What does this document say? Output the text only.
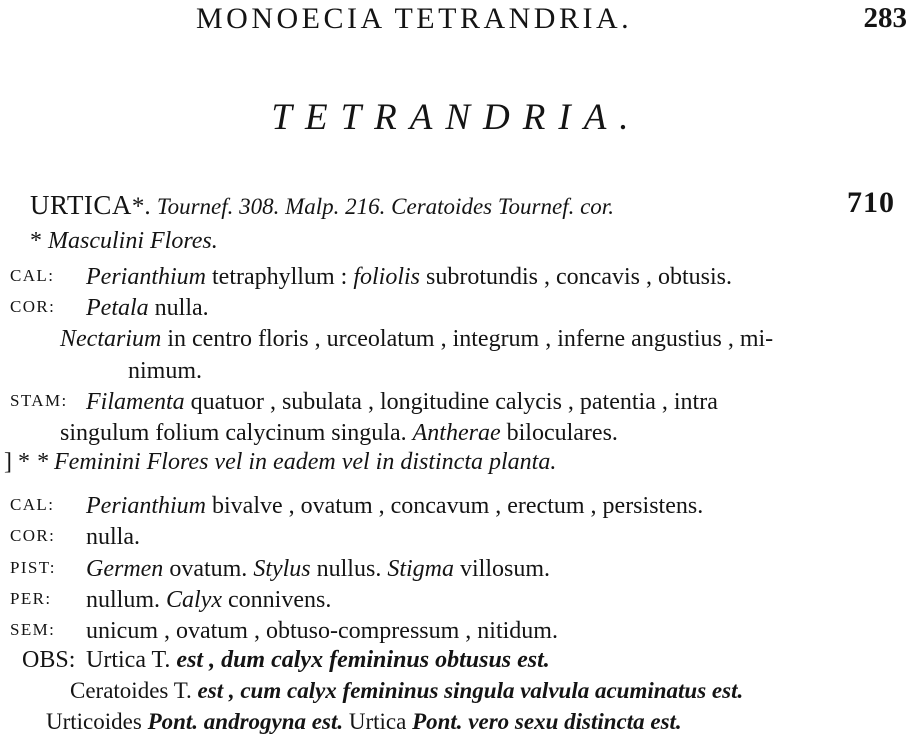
MONOECIA TETRANDRIA.	283
TETRANDRIA.
URTICA*. Tournef. 308. Malp. 216. Ceratoides Tournef. cor.	710
* Masculini Flores.
CAL: Perianthium tetraphyllum : foliolis subrotundis , concavis , obtusis.
COR: Petala nulla.
Nectarium in centro floris , urceolatum , integrum , inferne angustius , mi-
nimum.
STAM: Filamenta quatuor , subulata , longitudine calycis , patentia , intra
singulum folium calycinum singula. Antherae biloculares.
] * * Feminini Flores vel in eadem vel in distincta planta.
CAL: Perianthium bivalve , ovatum , concavum , erectum , persistens.
COR: nulla.
PIST: Germen ovatum. Stylus nullus. Stigma villosum.
PER: nullum. Calyx connivens.
SEM: unicum , ovatum , obtuso-compressum , nitidum.
OBS: Urtica T. est , dum calyx femininus obtusus est.
Ceratoides T. est , cum calyx femininus singula valvula acuminatus est.
Urticoides Pont. androgyna est. Urtica Pont. vero sexu distincta est.
